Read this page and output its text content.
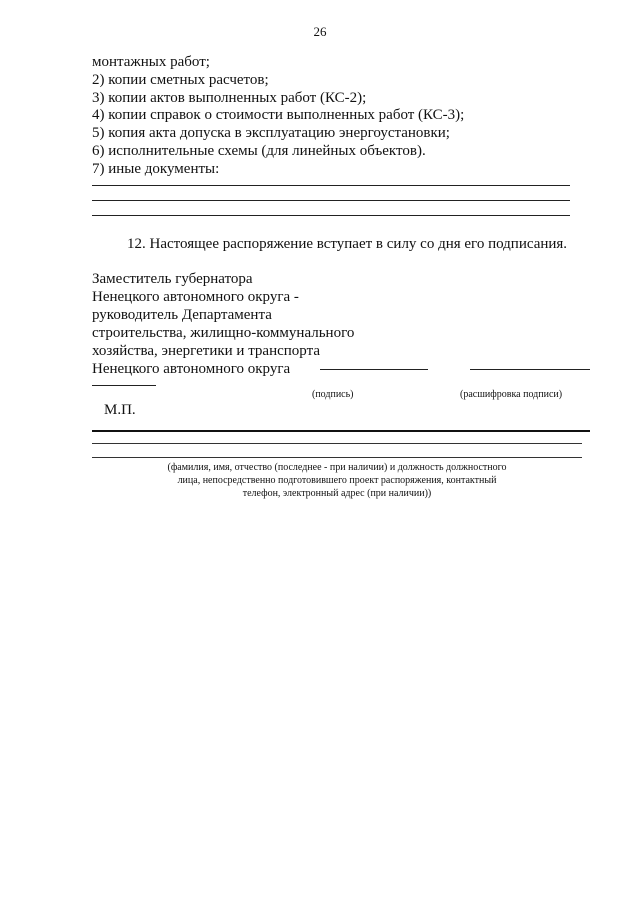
26
монтажных работ;
2) копии сметных расчетов;
3) копии актов выполненных работ (КС-2);
4) копии справок о стоимости выполненных работ (КС-3);
5) копия акта допуска в эксплуатацию энергоустановки;
6) исполнительные схемы (для линейных объектов).
7) иные документы:
12. Настоящее распоряжение вступает в силу со дня его подписания.
Заместитель губернатора
Ненецкого автономного округа -
руководитель Департамента
строительства, жилищно-коммунального
хозяйства, энергетики и транспорта
Ненецкого автономного округа
(подпись)	(расшифровка подписи)
М.П.
(фамилия, имя, отчество (последнее - при наличии) и должность должностного
лица, непосредственно подготовившего проект распоряжения, контактный
телефон, электронный адрес (при наличии))
